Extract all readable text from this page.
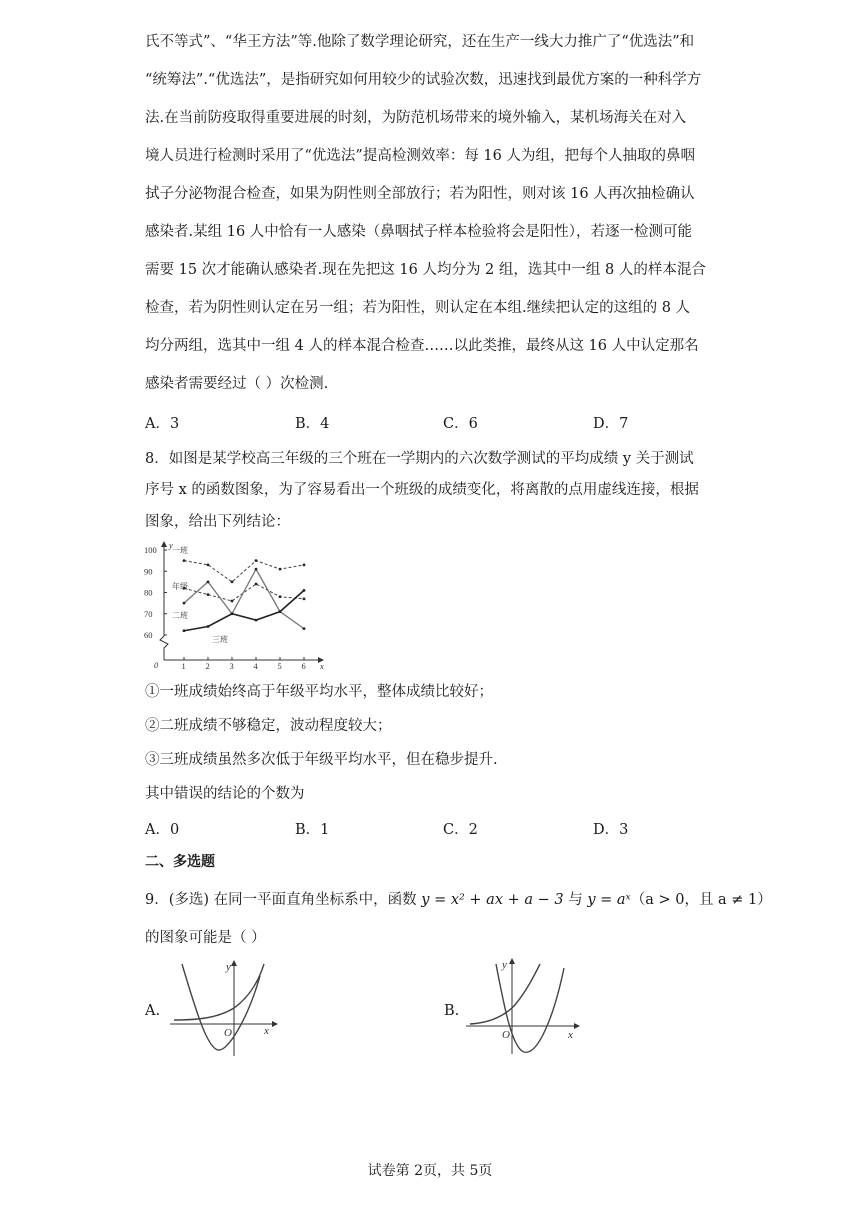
氏不等式”、“华王方法”等.他除了数学理论研究，还在生产一线大力推广了“优选法”和
“统筹法”.“优选法”，是指研究如何用较少的试验次数，迅速找到最优方案的一种科学方
法.在当前防疫取得重要进展的时刻，为防范机场带来的境外输入，某机场海关在对入
境人员进行检测时采用了“优选法”提高检测效率：每 16 人为组，把每个人抽取的鼻咽
拭子分泌物混合检查，如果为阴性则全部放行；若为阳性，则对该 16 人再次抽检确认
感染者.某组 16 人中恰有一人感染（鼻咽拭子样本检验将会是阳性），若逐一检测可能
需要 15 次才能确认感染者.现在先把这 16 人均分为 2 组，选其中一组 8 人的样本混合
检查，若为阴性则认定在另一组；若为阳性，则认定在本组.继续把认定的这组的 8 人
均分两组，选其中一组 4 人的样本混合检查……以此类推，最终从这 16 人中认定那名
感染者需要经过（ ）次检测.
A．3	B．4	C．6	D．7
8．如图是某学校高三年级的三个班在一学期内的六次数学测试的平均成绩 y 关于测试
序号 x 的函数图象，为了容易看出一个班级的成绩变化，将离散的点用虚线连接，根据
图象，给出下列结论：
y
x
0
60
70
80
90
100
1 2 3 4 5 6
一班
年级
二班
三班
①一班成绩始终高于年级平均水平，整体成绩比较好；
②二班成绩不够稳定，波动程度较大；
③三班成绩虽然多次低于年级平均水平，但在稳步提升.
其中错误的结论的个数为
A．0	B．1	C．2	D．3
二、多选题
9．(多选) 在同一平面直角坐标系中，函数 y = x² + ax + a − 3 与 y = aˣ（a > 0，且 a ≠ 1）
的图象可能是（ ）
A.
O	x
y
B.
O	x
y
试卷第 2页，共 5页
